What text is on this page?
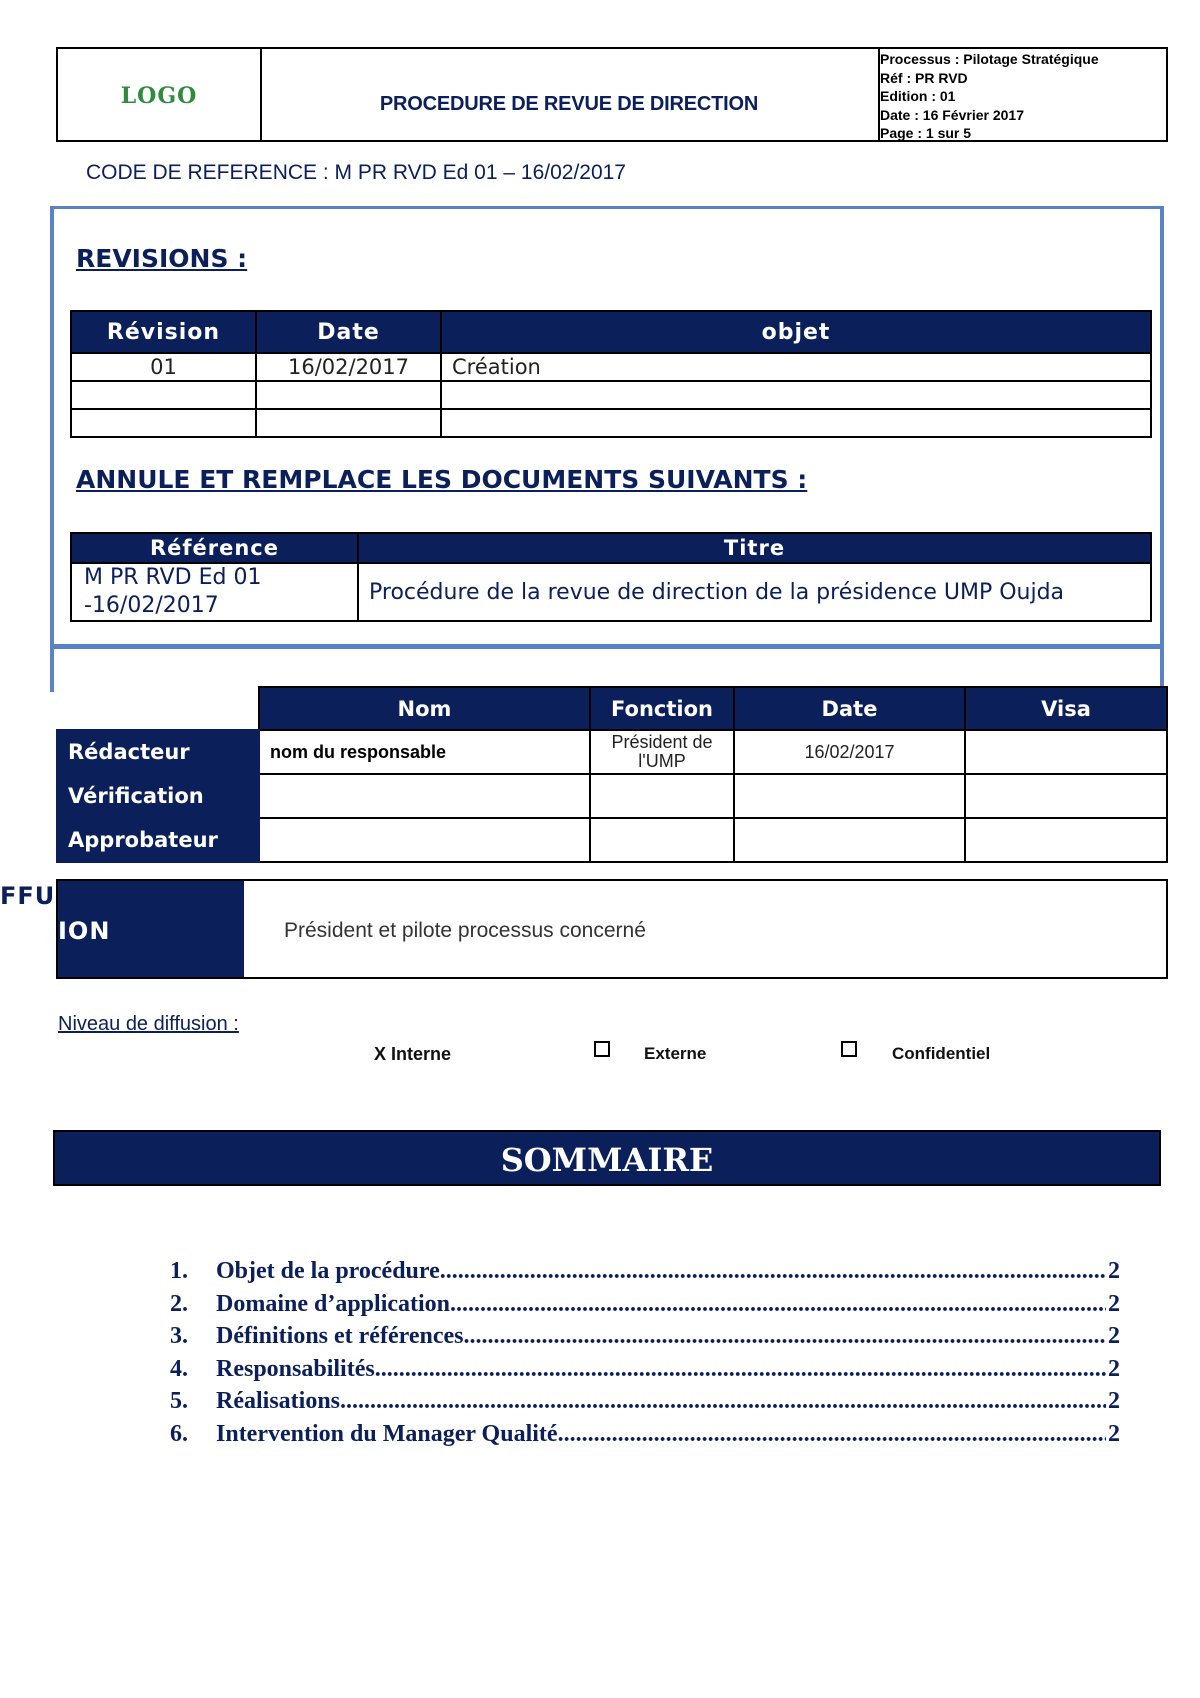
LOGO	PROCEDURE DE REVUE DE DIRECTION
Processus : Pilotage Stratégique
Réf : PR RVD
Edition : 01
Date : 16 Février 2017
Page : 1 sur 5
CODE DE REFERENCE : M PR RVD Ed 01 – 16/02/2017
REVISIONS :
Révision	Date	objet
01	16/02/2017	Création

ANNULE ET REMPLACE LES DOCUMENTS SUIVANTS :
Référence	Titre
M PR RVD Ed 01 -16/02/2017	Procédure de la revue de direction de la présidence UMP Oujda
	Nom	Fonction	Date	Visa
Rédacteur	nom du responsable	Président de l'UMP	16/02/2017	
Vérification				
Approbateur				
ION	Président et pilote processus concerné
FFU
Niveau de diffusion :
X Interne	Externe	Confidentiel
SOMMAIRE
1.	Objet de la procédure .....	2
2.	Domaine d’application .....	2
3.	Définitions et références .....	2
4.	Responsabilités .....	2
5.	Réalisations .....	2
6.	Intervention du Manager Qualité .....	2
